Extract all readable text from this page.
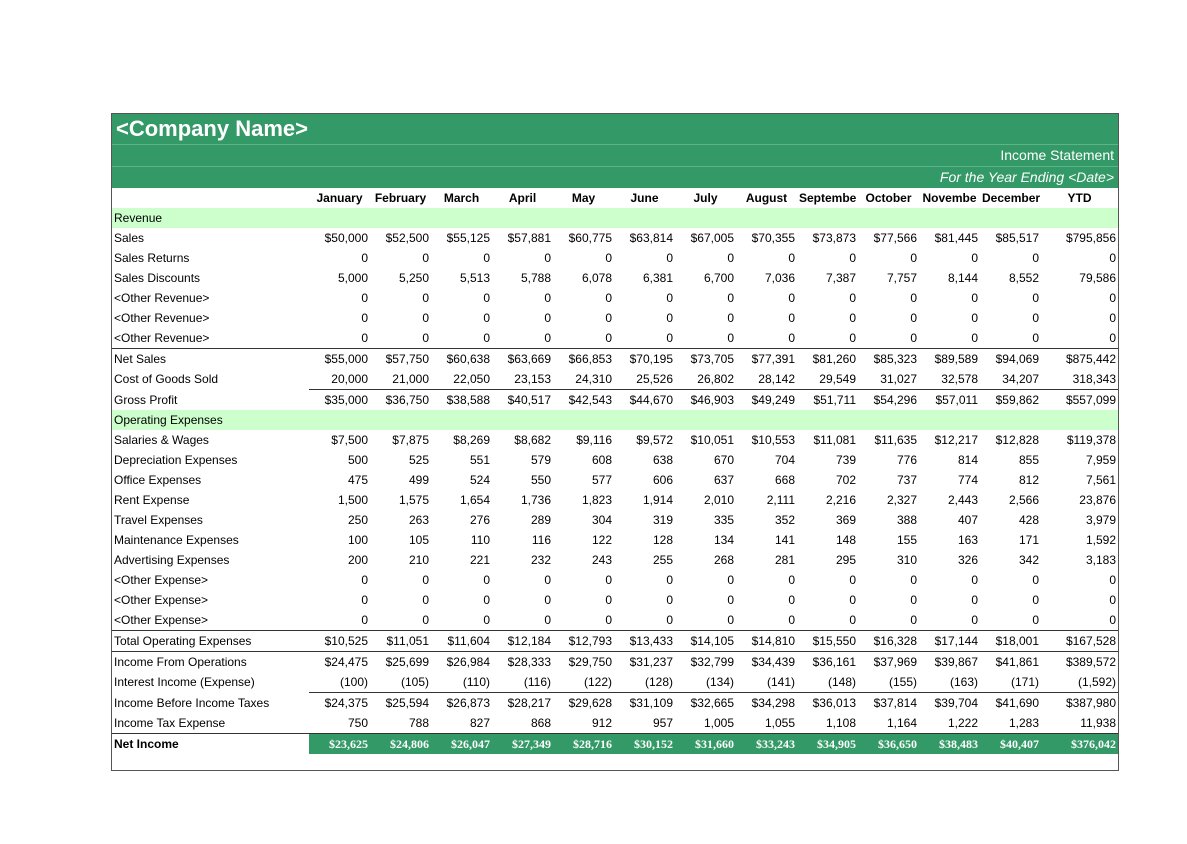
<Company Name>
Income Statement
For the Year Ending <Date>
	January	February	March	April	May	June	July	August	Septembe	October	Novembe	December	YTD
Revenue													
Sales	$50,000	$52,500	$55,125	$57,881	$60,775	$63,814	$67,005	$70,355	$73,873	$77,566	$81,445	$85,517	$795,856
Sales Returns	0	0	0	0	0	0	0	0	0	0	0	0	0
Sales Discounts	5,000	5,250	5,513	5,788	6,078	6,381	6,700	7,036	7,387	7,757	8,144	8,552	79,586
<Other Revenue>	0	0	0	0	0	0	0	0	0	0	0	0	0
<Other Revenue>	0	0	0	0	0	0	0	0	0	0	0	0	0
<Other Revenue>	0	0	0	0	0	0	0	0	0	0	0	0	0
Net Sales	$55,000	$57,750	$60,638	$63,669	$66,853	$70,195	$73,705	$77,391	$81,260	$85,323	$89,589	$94,069	$875,442
Cost of Goods Sold	20,000	21,000	22,050	23,153	24,310	25,526	26,802	28,142	29,549	31,027	32,578	34,207	318,343
Gross Profit	$35,000	$36,750	$38,588	$40,517	$42,543	$44,670	$46,903	$49,249	$51,711	$54,296	$57,011	$59,862	$557,099
Operating Expenses													
Salaries & Wages	$7,500	$7,875	$8,269	$8,682	$9,116	$9,572	$10,051	$10,553	$11,081	$11,635	$12,217	$12,828	$119,378
Depreciation Expenses	500	525	551	579	608	638	670	704	739	776	814	855	7,959
Office Expenses	475	499	524	550	577	606	637	668	702	737	774	812	7,561
Rent Expense	1,500	1,575	1,654	1,736	1,823	1,914	2,010	2,111	2,216	2,327	2,443	2,566	23,876
Travel Expenses	250	263	276	289	304	319	335	352	369	388	407	428	3,979
Maintenance Expenses	100	105	110	116	122	128	134	141	148	155	163	171	1,592
Advertising Expenses	200	210	221	232	243	255	268	281	295	310	326	342	3,183
<Other Expense>	0	0	0	0	0	0	0	0	0	0	0	0	0
<Other Expense>	0	0	0	0	0	0	0	0	0	0	0	0	0
<Other Expense>	0	0	0	0	0	0	0	0	0	0	0	0	0
Total Operating Expenses	$10,525	$11,051	$11,604	$12,184	$12,793	$13,433	$14,105	$14,810	$15,550	$16,328	$17,144	$18,001	$167,528
Income From Operations	$24,475	$25,699	$26,984	$28,333	$29,750	$31,237	$32,799	$34,439	$36,161	$37,969	$39,867	$41,861	$389,572
Interest Income (Expense)	(100)	(105)	(110)	(116)	(122)	(128)	(134)	(141)	(148)	(155)	(163)	(171)	(1,592)
Income Before Income Taxes	$24,375	$25,594	$26,873	$28,217	$29,628	$31,109	$32,665	$34,298	$36,013	$37,814	$39,704	$41,690	$387,980
Income Tax Expense	750	788	827	868	912	957	1,005	1,055	1,108	1,164	1,222	1,283	11,938
Net Income	$23,625	$24,806	$26,047	$27,349	$28,716	$30,152	$31,660	$33,243	$34,905	$36,650	$38,483	$40,407	$376,042
